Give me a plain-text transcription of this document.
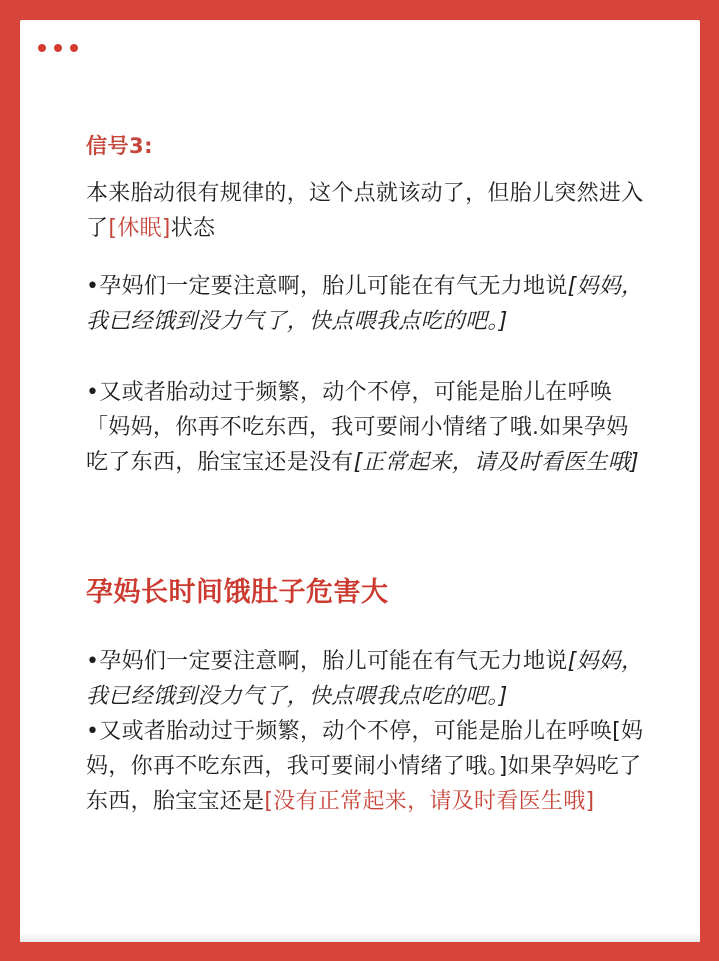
信号3:
本来胎动很有规律的，这个点就该动了，但胎儿突然进入了[休眠]状态
•孕妈们一定要注意啊，胎儿可能在有气无力地说[妈妈，我已经饿到没力气了，快点喂我点吃的吧。]
•又或者胎动过于频繁，动个不停，可能是胎儿在呼唤「妈妈，你再不吃东西，我可要闹小情绪了哦.如果孕妈吃了东西，胎宝宝还是没有[正常起来，请及时看医生哦]
孕妈长时间饿肚子危害大
•孕妈们一定要注意啊，胎儿可能在有气无力地说[妈妈，我已经饿到没力气了，快点喂我点吃的吧。]
•又或者胎动过于频繁，动个不停，可能是胎儿在呼唤[妈妈，你再不吃东西，我可要闹小情绪了哦。]如果孕妈吃了东西，胎宝宝还是[没有正常起来，请及时看医生哦]
